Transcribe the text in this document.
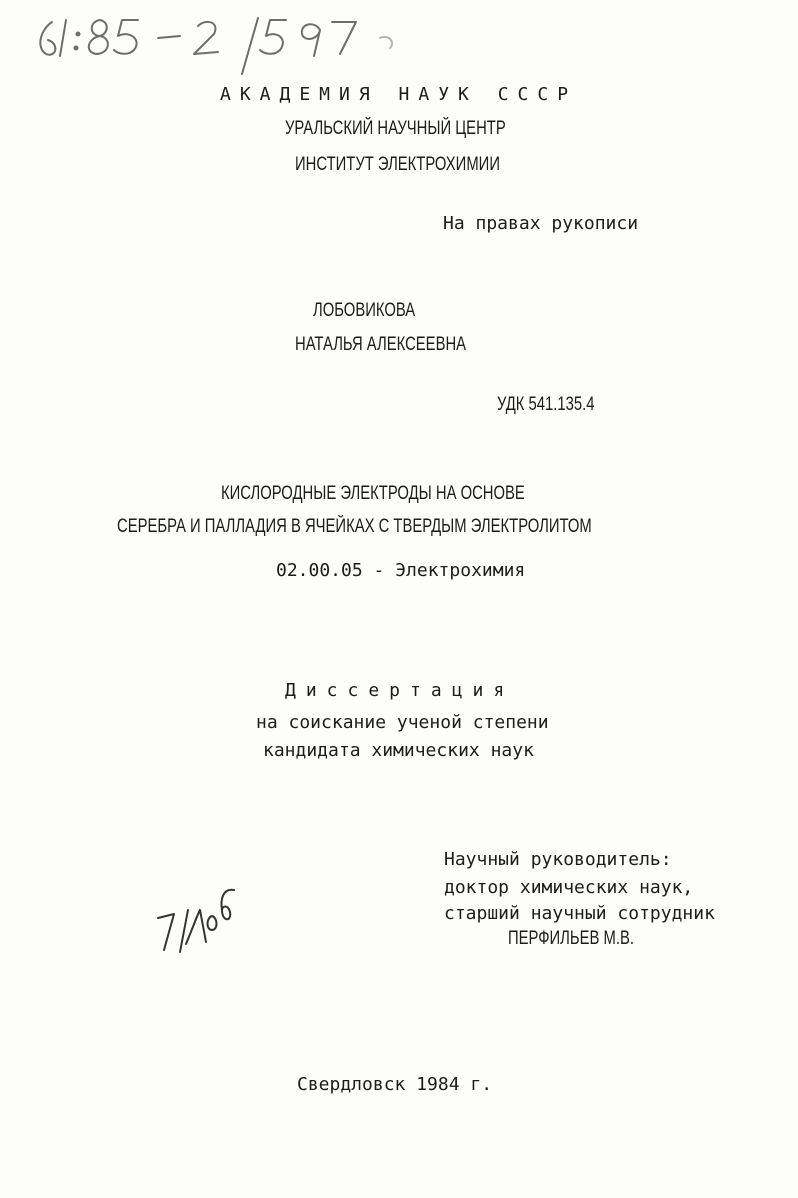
АКАДЕМИЯ НАУК СССР
УРАЛЬСКИЙ НАУЧНЫЙ ЦЕНТР
ИНСТИТУТ ЭЛЕКТРОХИМИИ
На правах рукописи
ЛОБОВИКОВА
НАТАЛЬЯ АЛЕКСЕЕВНА
УДК 541.135.4
КИСЛОРОДНЫЕ ЭЛЕКТРОДЫ НА ОСНОВЕ
СЕРЕБРА И ПАЛЛАДИЯ В ЯЧЕЙКАХ С ТВЕРДЫМ ЭЛЕКТРОЛИТОМ
02.00.05 - Электрохимия
Диссертация
на соискание ученой степени
кандидата химических наук
Научный руководитель:
доктор химических наук,
старший научный сотрудник
ПЕРФИЛЬЕВ М.В.
Свердловск 1984 г.
